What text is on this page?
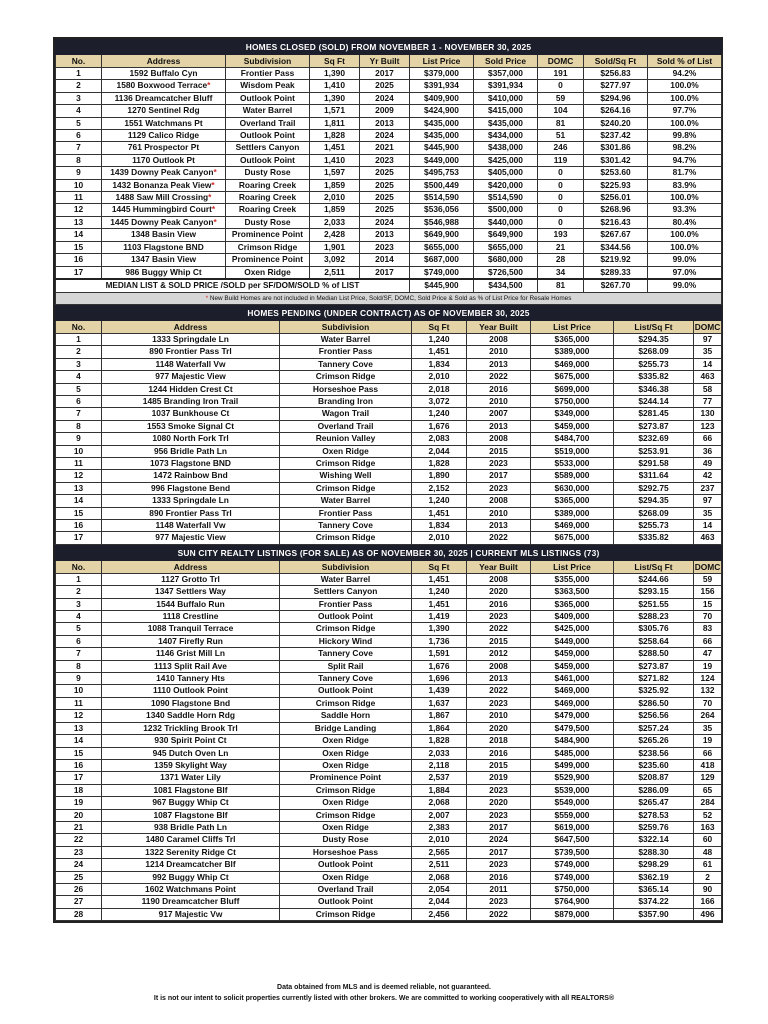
HOMES CLOSED (SOLD) FROM NOVEMBER 1 - NOVEMBER 30, 2025									
No.	Address	Subdivision	Sq Ft	Yr Built	List Price	Sold Price	DOMC	Sold/Sq Ft	Sold % of List
1	1592 Buffalo Cyn	Frontier Pass	1,390	2017	$379,000	$357,000	191	$256.83	94.2%
2	1580 Boxwood Terrace*	Wisdom Peak	1,410	2025	$391,934	$391,934	0	$277.97	100.0%
3	1136 Dreamcatcher Bluff	Outlook Point	1,390	2024	$409,900	$410,000	59	$294.96	100.0%
4	1270 Sentinel Rdg	Water Barrel	1,571	2009	$424,900	$415,000	104	$264.16	97.7%
5	1551 Watchmans Pt	Overland Trail	1,811	2013	$435,000	$435,000	81	$240.20	100.0%
6	1129 Calico Ridge	Outlook Point	1,828	2024	$435,000	$434,000	51	$237.42	99.8%
7	761 Prospector Pt	Settlers Canyon	1,451	2021	$445,900	$438,000	246	$301.86	98.2%
8	1170 Outlook Pt	Outlook Point	1,410	2023	$449,000	$425,000	119	$301.42	94.7%
9	1439 Downy Peak Canyon*	Dusty Rose	1,597	2025	$495,753	$405,000	0	$253.60	81.7%
10	1432 Bonanza Peak View*	Roaring Creek	1,859	2025	$500,449	$420,000	0	$225.93	83.9%
11	1488 Saw Mill Crossing*	Roaring Creek	2,010	2025	$514,590	$514,590	0	$256.01	100.0%
12	1445 Hummingbird Court*	Roaring Creek	1,859	2025	$536,056	$500,000	0	$268.96	93.3%
13	1445 Downy Peak Canyon*	Dusty Rose	2,033	2024	$546,988	$440,000	0	$216.43	80.4%
14	1348 Basin View	Prominence Point	2,428	2013	$649,900	$649,900	193	$267.67	100.0%
15	1103 Flagstone BND	Crimson Ridge	1,901	2023	$655,000	$655,000	21	$344.56	100.0%
16	1347 Basin View	Prominence Point	3,092	2014	$687,000	$680,000	28	$219.92	99.0%
17	986 Buggy Whip Ct	Oxen Ridge	2,511	2017	$749,000	$726,500	34	$289.33	97.0%
MEDIAN LIST & SOLD PRICE /SOLD per SF/DOM/SOLD % of LIST					$445,900	$434,500	81	$267.70	99.0%
* New Build Homes are not included in Median List Price, Sold/SF, DOMC, Sold Price & Sold as % of List Price for Resale Homes									
HOMES PENDING (UNDER CONTRACT) AS OF NOVEMBER 30, 2025							
No.	Address	Subdivision	Sq Ft	Year Built	List Price	List/Sq Ft	DOMC
1	1333 Springdale Ln	Water Barrel	1,240	2008	$365,000	$294.35	97
2	890 Frontier Pass Trl	Frontier Pass	1,451	2010	$389,000	$268.09	35
3	1148 Waterfall Vw	Tannery Cove	1,834	2013	$469,000	$255.73	14
4	977 Majestic View	Crimson Ridge	2,010	2022	$675,000	$335.82	463
5	1244 Hidden Crest Ct	Horseshoe Pass	2,018	2016	$699,000	$346.38	58
6	1485 Branding Iron Trail	Branding Iron	3,072	2010	$750,000	$244.14	77
7	1037 Bunkhouse Ct	Wagon Trail	1,240	2007	$349,000	$281.45	130
8	1553 Smoke Signal Ct	Overland Trail	1,676	2013	$459,000	$273.87	123
9	1080 North Fork Trl	Reunion Valley	2,083	2008	$484,700	$232.69	66
10	956 Bridle Path Ln	Oxen Ridge	2,044	2015	$519,000	$253.91	36
11	1073 Flagstone BND	Crimson Ridge	1,828	2023	$533,000	$291.58	49
12	1472 Rainbow Bnd	Wishing Well	1,890	2017	$589,000	$311.64	42
13	996 Flagstone Bend	Crimson Ridge	2,152	2023	$630,000	$292.75	237
14	1333 Springdale Ln	Water Barrel	1,240	2008	$365,000	$294.35	97
15	890 Frontier Pass Trl	Frontier Pass	1,451	2010	$389,000	$268.09	35
16	1148 Waterfall Vw	Tannery Cove	1,834	2013	$469,000	$255.73	14
17	977 Majestic View	Crimson Ridge	2,010	2022	$675,000	$335.82	463
SUN CITY REALTY LISTINGS (FOR SALE) AS OF NOVEMBER 30, 2025 | CURRENT MLS LISTINGS (73)							
No.	Address	Subdivision	Sq Ft	Year Built	List Price	List/Sq Ft	DOMC
1	1127 Grotto Trl	Water Barrel	1,451	2008	$355,000	$244.66	59
2	1347 Settlers Way	Settlers Canyon	1,240	2020	$363,500	$293.15	156
3	1544 Buffalo Run	Frontier Pass	1,451	2016	$365,000	$251.55	15
4	1118 Crestline	Outlook Point	1,419	2023	$409,000	$288.23	70
5	1088 Tranquil Terrace	Crimson Ridge	1,390	2022	$425,000	$305.76	83
6	1407 Firefly Run	Hickory Wind	1,736	2015	$449,000	$258.64	66
7	1146 Grist Mill Ln	Tannery Cove	1,591	2012	$459,000	$288.50	47
8	1113 Split Rail Ave	Split Rail	1,676	2008	$459,000	$273.87	19
9	1410 Tannery Hts	Tannery Cove	1,696	2013	$461,000	$271.82	124
10	1110 Outlook Point	Outlook Point	1,439	2022	$469,000	$325.92	132
11	1090 Flagstone Bnd	Crimson Ridge	1,637	2023	$469,000	$286.50	70
12	1340 Saddle Horn Rdg	Saddle Horn	1,867	2010	$479,000	$256.56	264
13	1232 Trickling Brook Trl	Bridge Landing	1,864	2020	$479,500	$257.24	35
14	930 Spirit Point Ct	Oxen Ridge	1,828	2018	$484,900	$265.26	19
15	945 Dutch Oven Ln	Oxen Ridge	2,033	2016	$485,000	$238.56	66
16	1359 Skylight Way	Oxen Ridge	2,118	2015	$499,000	$235.60	418
17	1371 Water Lily	Prominence Point	2,537	2019	$529,900	$208.87	129
18	1081 Flagstone Blf	Crimson Ridge	1,884	2023	$539,000	$286.09	65
19	967 Buggy Whip Ct	Oxen Ridge	2,068	2020	$549,000	$265.47	284
20	1087 Flagstone Blf	Crimson Ridge	2,007	2023	$559,000	$278.53	52
21	938 Bridle Path Ln	Oxen Ridge	2,383	2017	$619,000	$259.76	163
22	1480 Caramel Cliffs Trl	Dusty Rose	2,010	2024	$647,500	$322.14	60
23	1322 Serenity Ridge Ct	Horseshoe Pass	2,565	2017	$739,500	$288.30	48
24	1214 Dreamcatcher Blf	Outlook Point	2,511	2023	$749,000	$298.29	61
25	992 Buggy Whip Ct	Oxen Ridge	2,068	2016	$749,000	$362.19	2
26	1602 Watchmans Point	Overland Trail	2,054	2011	$750,000	$365.14	90
27	1190 Dreamcatcher Bluff	Outlook Point	2,044	2023	$764,900	$374.22	166
28	917 Majestic Vw	Crimson Ridge	2,456	2022	$879,000	$357.90	496
Data obtained from MLS and is deemed reliable, not guaranteed.
It is not our intent to solicit properties currently listed with other brokers. We are committed to working cooperatively with all REALTORS®
